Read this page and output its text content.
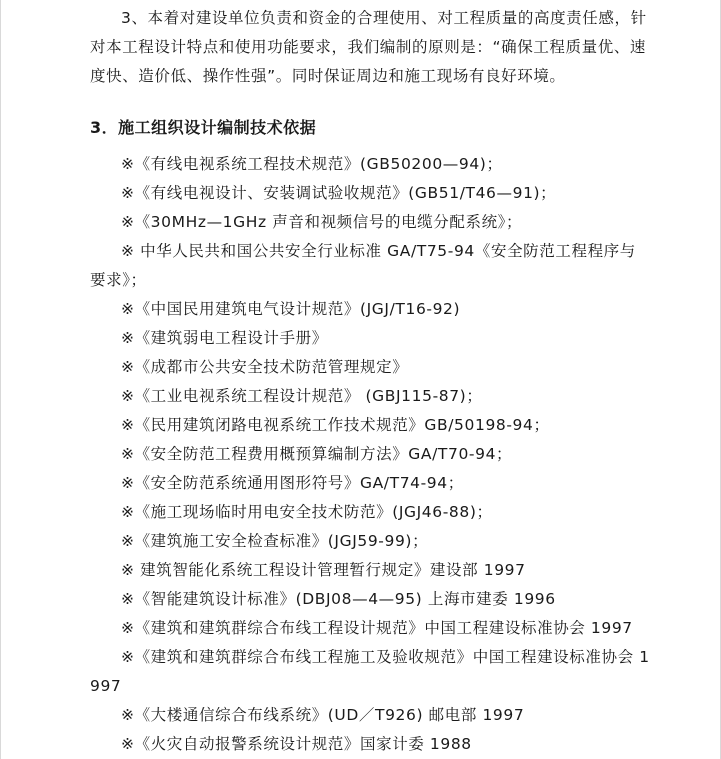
3、本着对建设单位负责和资金的合理使用、对工程质量的高度责任感，针对本工程设计特点和使用功能要求，我们编制的原则是：“确保工程质量优、速度快、造价低、操作性强”。同时保证周边和施工现场有良好环境。

3．施工组织设计编制技术依据
※《有线电视系统工程技术规范》(GB50200—94)；
※《有线电视设计、安装调试验收规范》(GB51/T46—91)；
※《30MHz—1GHz 声音和视频信号的电缆分配系统》；
※ 中华人民共和国公共安全行业标准 GA/T75-94《安全防范工程程序与要求》；
※《中国民用建筑电气设计规范》(JGJ/T16-92)
※《建筑弱电工程设计手册》
※《成都市公共安全技术防范管理规定》
※《工业电视系统工程设计规范》 (GBJ115-87)；
※《民用建筑闭路电视系统工作技术规范》GB/50198-94；
※《安全防范工程费用概预算编制方法》GA/T70-94；
※《安全防范系统通用图形符号》GA/T74-94；
※《施工现场临时用电安全技术防范》(JGJ46-88)；
※《建筑施工安全检查标准》(JGJ59-99)；
※ 建筑智能化系统工程设计管理暂行规定》建设部 1997
※《智能建筑设计标准》(DBJ08—4—95) 上海市建委 1996
※《建筑和建筑群综合布线工程设计规范》中国工程建设标准协会 1997
※《建筑和建筑群综合布线工程施工及验收规范》中国工程建设标准协会 1997
※《大楼通信综合布线系统》(UD／T926) 邮电部 1997
※《火灾自动报警系统设计规范》国家计委 1988
